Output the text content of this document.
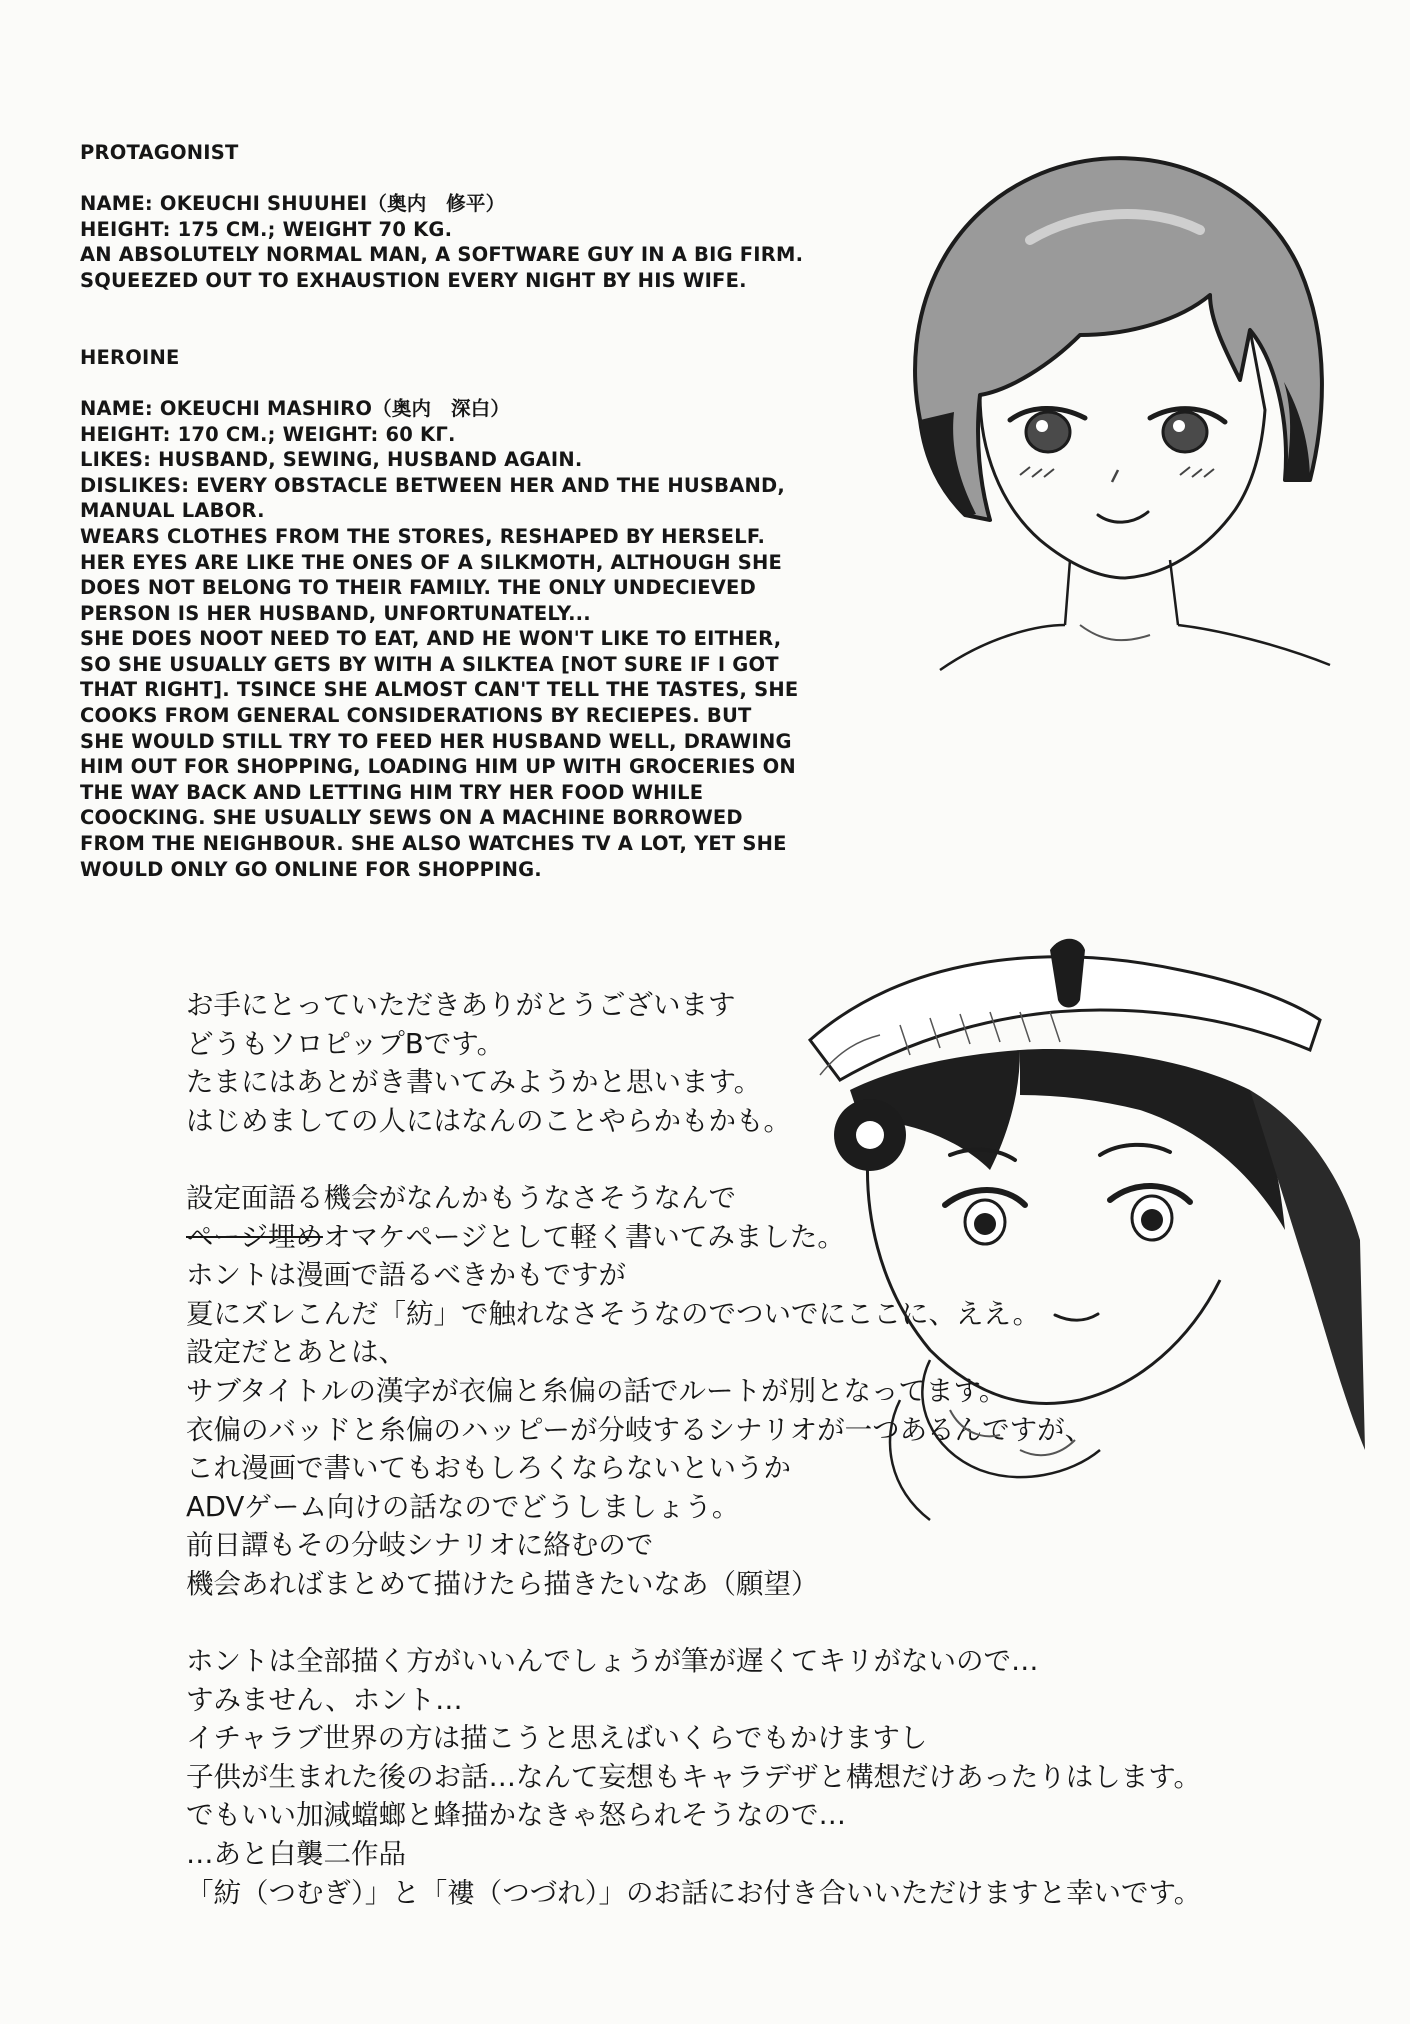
PROTAGONIST
NAME: OKEUCHI SHUUHEI（奥内　修平）
HEIGHT: 175 CM.; WEIGHT 70 KG.
AN ABSOLUTELY NORMAL MAN, A SOFTWARE GUY IN A BIG FIRM.
SQUEEZED OUT TO EXHAUSTION EVERY NIGHT BY HIS WIFE.
HEROINE
NAME: OKEUCHI MASHIRO（奥内　深白）
HEIGHT: 170 CM.; WEIGHT: 60 KΓ.
LIKES: HUSBAND, SEWING, HUSBAND AGAIN.
DISLIKES: EVERY OBSTACLE BETWEEN HER AND THE HUSBAND,
MANUAL LABOR.
WEARS CLOTHES FROM THE STORES, RESHAPED BY HERSELF.
HER EYES ARE LIKE THE ONES OF A SILKMOTH, ALTHOUGH SHE
DOES NOT BELONG TO THEIR FAMILY. THE ONLY UNDECIEVED
PERSON IS HER HUSBAND, UNFORTUNATELY...
SHE DOES NOOT NEED TO EAT, AND HE WON'T LIKE TO EITHER,
SO SHE USUALLY GETS BY WITH A SILKTEA [NOT SURE IF I GOT
THAT RIGHT]. TSINCE SHE ALMOST CAN'T TELL THE TASTES, SHE
COOKS FROM GENERAL CONSIDERATIONS BY RECIEPES. BUT
SHE WOULD STILL TRY TO FEED HER HUSBAND WELL, DRAWING
HIM OUT FOR SHOPPING, LOADING HIM UP WITH GROCERIES ON
THE WAY BACK AND LETTING HIM TRY HER FOOD WHILE
COOCKING. SHE USUALLY SEWS ON A MACHINE BORROWED
FROM THE NEIGHBOUR. SHE ALSO WATCHES TV A LOT, YET SHE
WOULD ONLY GO ONLINE FOR SHOPPING.
お手にとっていただきありがとうございます
どうもソロピップBです。
たまにはあとがき書いてみようかと思います。
はじめましての人にはなんのことやらかもかも。
設定面語る機会がなんかもうなさそうなんで
ページ埋めオマケページとして軽く書いてみました。
ホントは漫画で語るべきかもですが
夏にズレこんだ「紡」で触れなさそうなのでついでにここに、ええ。
設定だとあとは、
サブタイトルの漢字が衣偏と糸偏の話でルートが別となってます。
衣偏のバッドと糸偏のハッピーが分岐するシナリオが一つあるんですが、
これ漫画で書いてもおもしろくならないというか
ADVゲーム向けの話なのでどうしましょう。
前日譚もその分岐シナリオに絡むので
機会あればまとめて描けたら描きたいなあ（願望）
ホントは全部描く方がいいんでしょうが筆が遅くてキリがないので…
すみません、ホント…
イチャラブ世界の方は描こうと思えばいくらでもかけますし
子供が生まれた後のお話…なんて妄想もキャラデザと構想だけあったりはします。
でもいい加減蟷螂と蜂描かなきゃ怒られそうなので…
…あと白襲二作品
「紡（つむぎ）」と「褸（つづれ）」のお話にお付き合いいただけますと幸いです。
